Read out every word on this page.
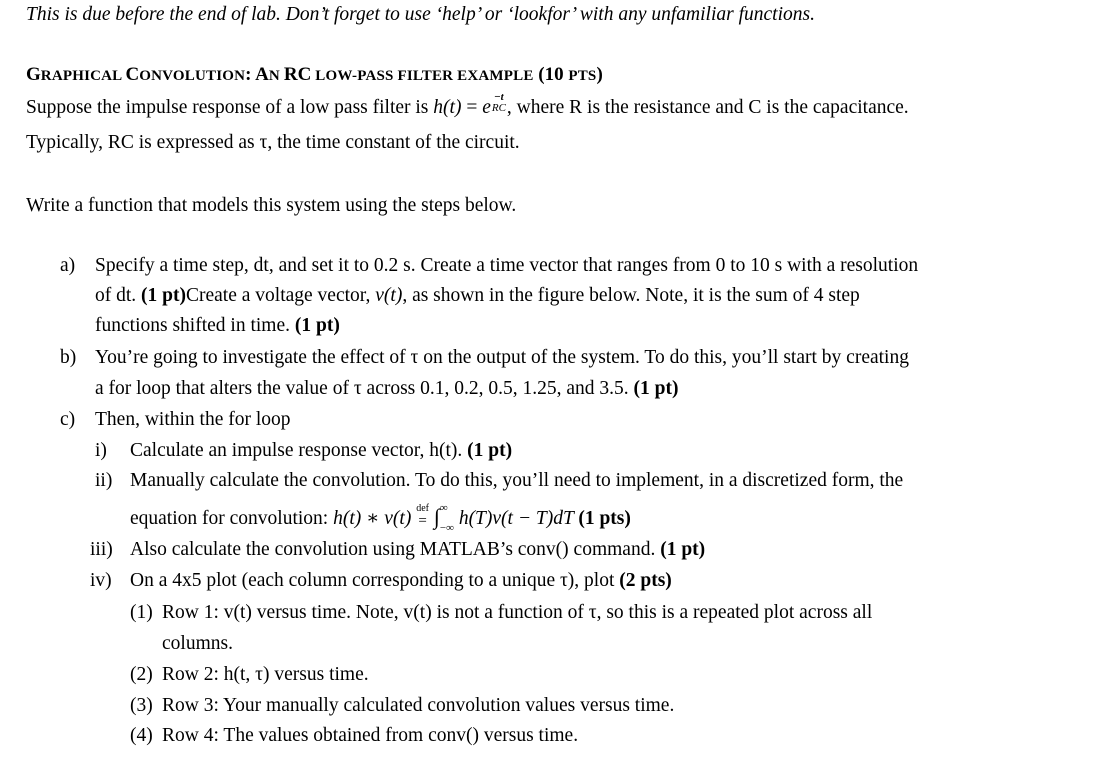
This is due before the end of lab. Don’t forget to use ‘help’ or ‘lookfor’ with any unfamiliar functions.
GRAPHICAL CONVOLUTION: AN RC LOW-PASS FILTER EXAMPLE (10 PTS)
Suppose the impulse response of a low pass filter is h(t) = e
−t
RC , where R is the resistance and C is the capacitance.
Typically, RC is expressed as τ, the time constant of the circuit.
Write a function that models this system using the steps below.
a) Specify a time step, dt, and set it to 0.2 s. Create a time vector that ranges from 0 to 10 s with a resolution
of dt. (1 pt)Create a voltage vector, v(t), as shown in the figure below. Note, it is the sum of 4 step
functions shifted in time. (1 pt)
b) You’re going to investigate the effect of τ on the output of the system. To do this, you’ll start by creating
a for loop that alters the value of τ across 0.1, 0.2, 0.5, 1.25, and 3.5. (1 pt)
c) Then, within the for loop
i) Calculate an impulse response vector, h(t). (1 pt)
ii) Manually calculate the convolution. To do this, you’ll need to implement, in a discretized form, the
equation for convolution: h(t) ∗ v(t) def
= ∫ ∞
−∞ h(T)v(t − T)dT (1 pts)
iii) Also calculate the convolution using MATLAB’s conv() command. (1 pt)
iv) On a 4x5 plot (each column corresponding to a unique τ), plot (2 pts)
(1) Row 1: v(t) versus time. Note, v(t) is not a function of τ, so this is a repeated plot across all
columns.
(2) Row 2: h(t, τ) versus time.
(3) Row 3: Your manually calculated convolution values versus time.
(4) Row 4: The values obtained from conv() versus time.
